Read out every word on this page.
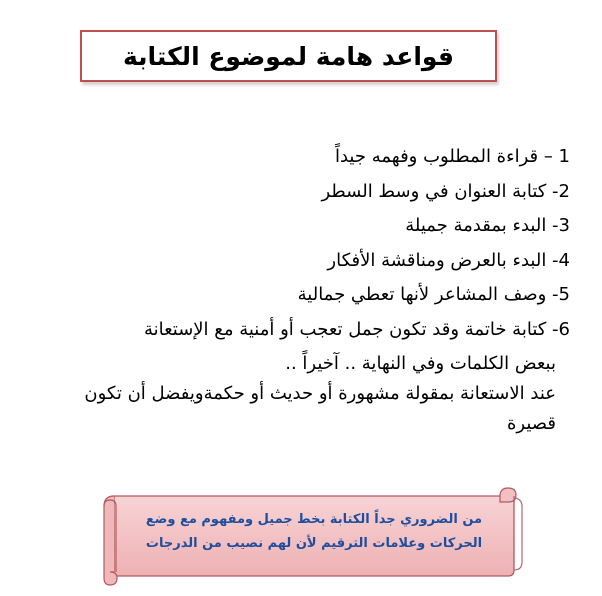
قواعد هامة لموضوع الكتابة
1 – قراءة المطلوب وفهمه جيداً
2- كتابة العنوان في وسط السطر
3- البدء بمقدمة جميلة
4- البدء بالعرض ومناقشة الأفكار
5- وصف المشاعر لأنها تعطي جمالية
6- كتابة خاتمة وقد تكون جمل تعجب أو أمنية مع الإستعانة
ببعض الكلمات وفي النهاية .. آخيراً ..
عند الاستعانة بمقولة مشهورة أو حديث أو حكمةويفضل أن تكون
قصيرة
من الضروري جداً الكتابة بخط جميل ومفهوم مع وضع
الحركات وعلامات الترقيم لأن لهم نصيب من الدرجات
